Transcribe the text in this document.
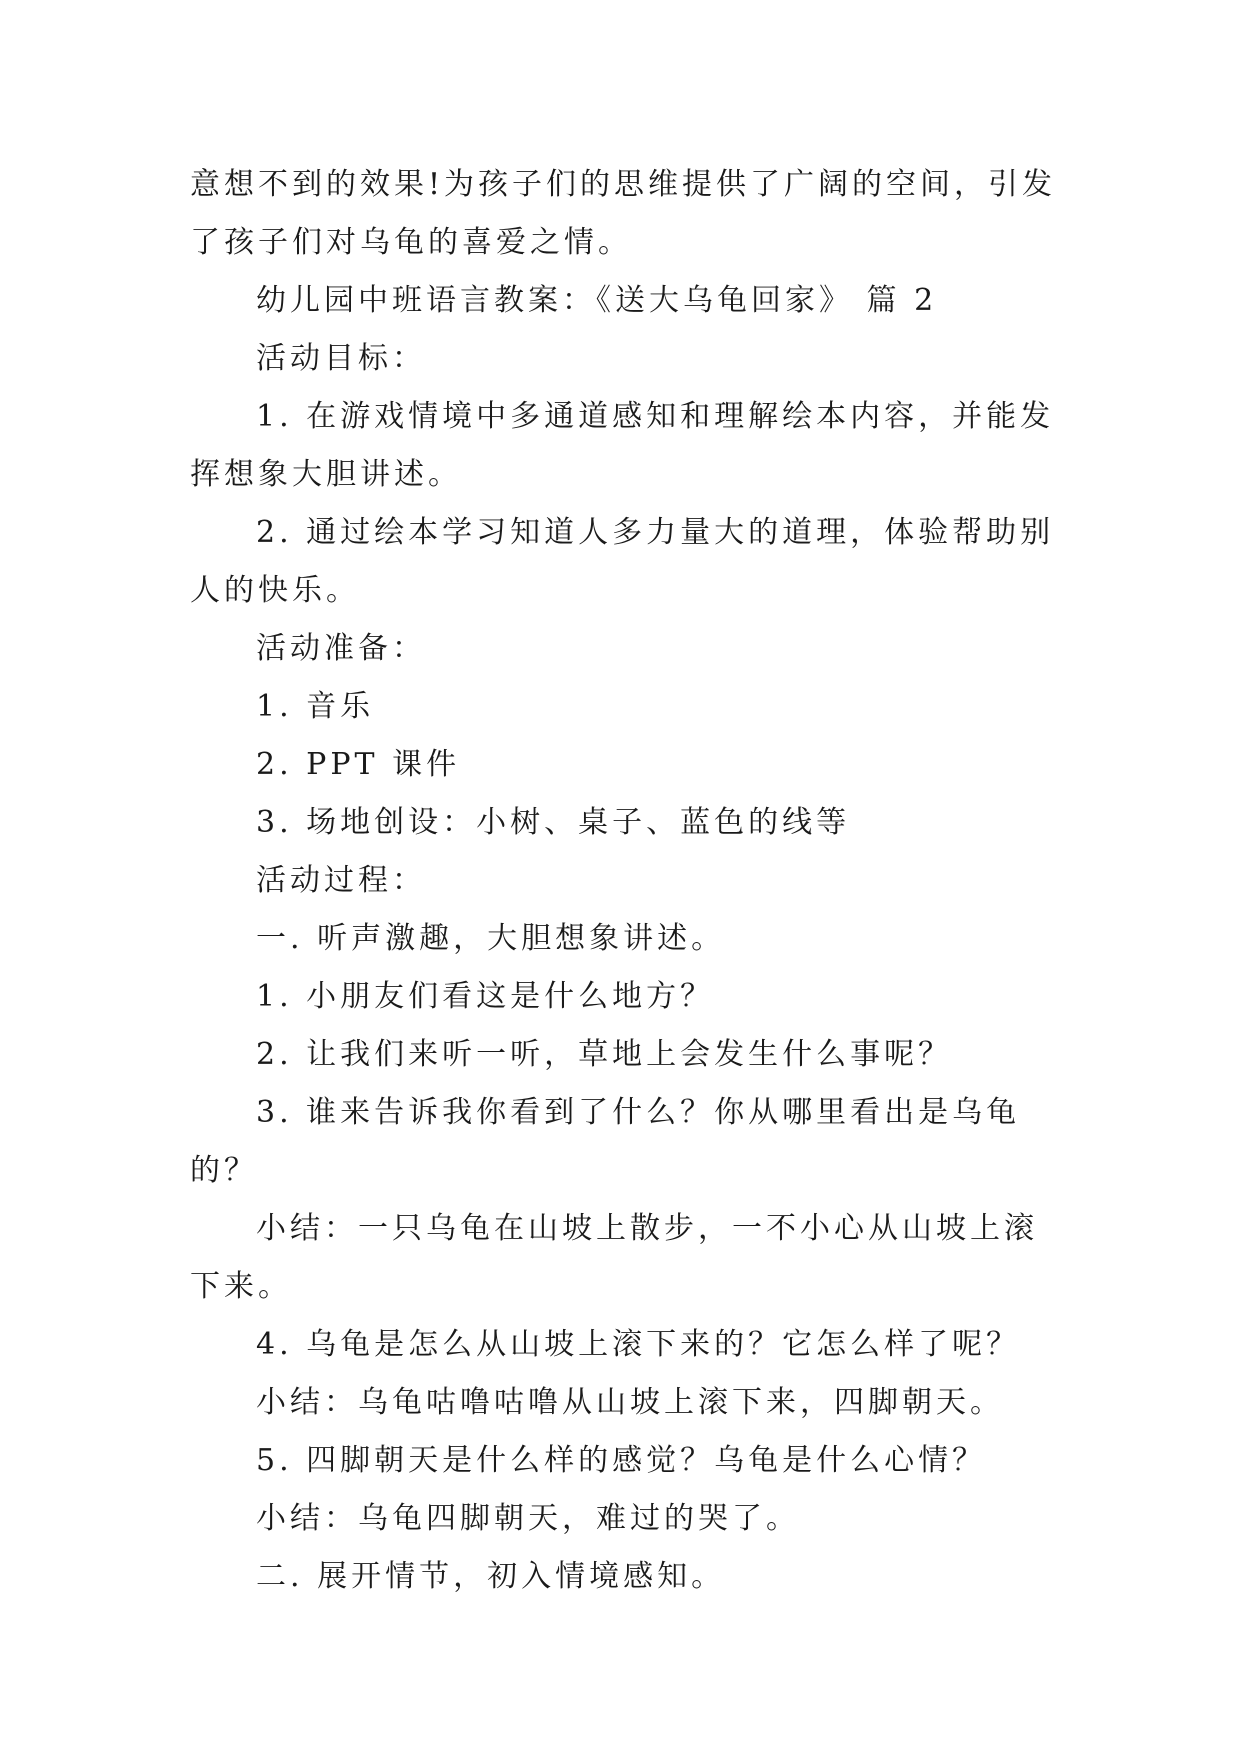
意想不到的效果!为孩子们的思维提供了广阔的空间，引发了孩子们对乌龟的喜爱之情。

幼儿园中班语言教案：《送大乌龟回家》 篇 2

活动目标：

1. 在游戏情境中多通道感知和理解绘本内容，并能发挥想象大胆讲述。

2. 通过绘本学习知道人多力量大的道理，体验帮助别人的快乐。

活动准备：

1. 音乐

2. PPT 课件

3. 场地创设：小树、桌子、蓝色的线等

活动过程：

一. 听声激趣，大胆想象讲述。

1. 小朋友们看这是什么地方？

2. 让我们来听一听，草地上会发生什么事呢？

3. 谁来告诉我你看到了什么？你从哪里看出是乌龟的？

小结：一只乌龟在山坡上散步，一不小心从山坡上滚下来。

4. 乌龟是怎么从山坡上滚下来的？它怎么样了呢？

小结：乌龟咕噜咕噜从山坡上滚下来，四脚朝天。

5. 四脚朝天是什么样的感觉？乌龟是什么心情？

小结：乌龟四脚朝天，难过的哭了。

二. 展开情节，初入情境感知。
